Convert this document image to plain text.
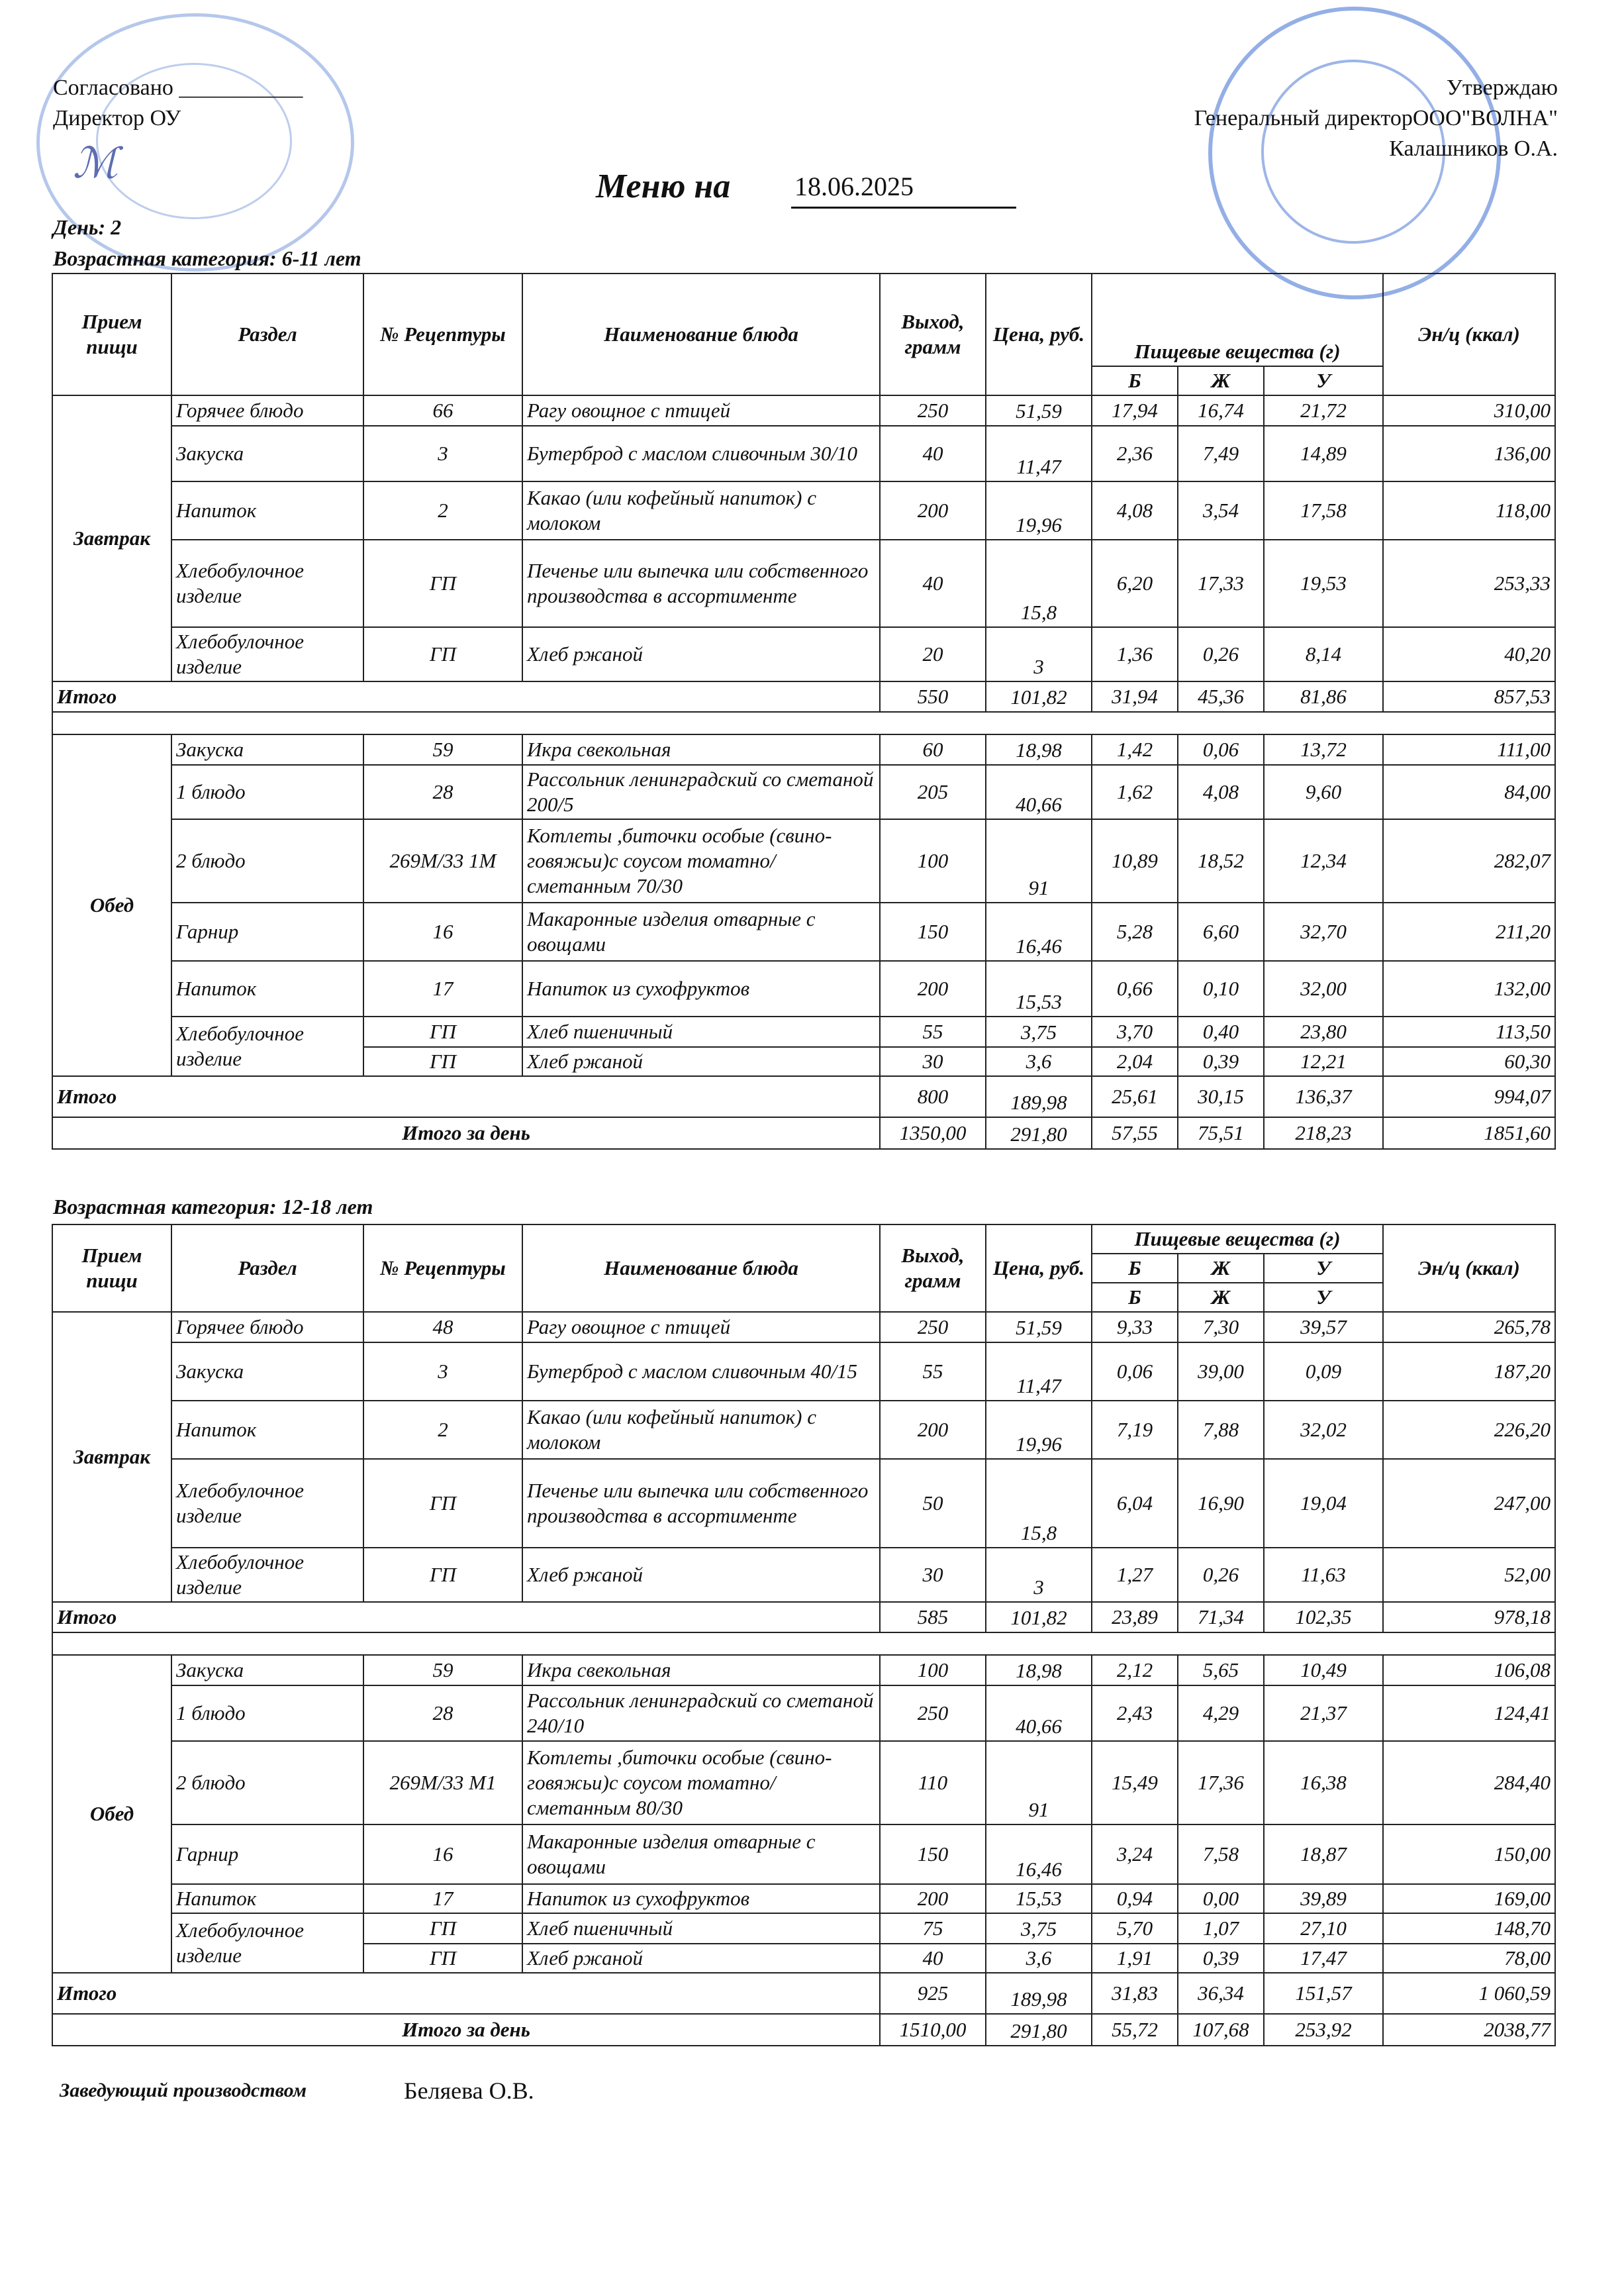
ℳ
Согласовано ___________
Директор ОУ
Утверждаю
Генеральный директорООО"ВОЛНА"
Калашников О.А.
Меню на 18.06.2025
День: 2
Возрастная категория: 6-11 лет
Прием пищи	Раздел	№ Рецептуры	Наименование блюда	Выход, грамм	Цена, руб.	Пищевые вещества (г)			Эн/ц (ккал)
						Б	Ж	У	
Завтрак	Горячее блюдо	66	Рагу овощное с птицей	250	51,59	17,94	16,74	21,72	310,00
	Закуска	3	Бутерброд с маслом сливочным 30/10	40	11,47	2,36	7,49	14,89	136,00
	Напиток	2	Какао (или кофейный напиток) с молоком	200	19,96	4,08	3,54	17,58	118,00
	Хлебобулочное изделие	ГП	Печенье или выпечка или собственного производства в ассортименте	40	15,8	6,20	17,33	19,53	253,33
	Хлебобулочное изделие	ГП	Хлеб ржаной	20	3	1,36	0,26	8,14	40,20
Итого				550	101,82	31,94	45,36	81,86	857,53

Обед	Закуска	59	Икра свекольная	60	18,98	1,42	0,06	13,72	111,00
	1 блюдо	28	Рассольник ленинградский со сметаной 200/5	205	40,66	1,62	4,08	9,60	84,00
	2 блюдо	269М/33 1М	Котлеты ,биточки особые (свино-говяжьи)с соусом томатно/сметанным 70/30	100	91	10,89	18,52	12,34	282,07
	Гарнир	16	Макаронные изделия отварные с овощами	150	16,46	5,28	6,60	32,70	211,20
	Напиток	17	Напиток из сухофруктов	200	15,53	0,66	0,10	32,00	132,00
	Хлебобулочное изделие	ГП	Хлеб пшеничный	55	3,75	3,70	0,40	23,80	113,50
		ГП	Хлеб ржаной	30	3,6	2,04	0,39	12,21	60,30
Итого				800	189,98	25,61	30,15	136,37	994,07
Итого за день				1350,00	291,80	57,55	75,51	218,23	1851,60
Возрастная категория: 12-18 лет
Прием пищи	Раздел	№ Рецептуры	Наименование блюда	Выход, грамм	Цена, руб.	Пищевые вещества (г)			Эн/ц (ккал)
						Б	Ж	У	
						Б	Ж	У	
Завтрак	Горячее блюдо	48	Рагу овощное с птицей	250	51,59	9,33	7,30	39,57	265,78
	Закуска	3	Бутерброд с маслом сливочным 40/15	55	11,47	0,06	39,00	0,09	187,20
	Напиток	2	Какао (или кофейный напиток) с молоком	200	19,96	7,19	7,88	32,02	226,20
	Хлебобулочное изделие	ГП	Печенье или выпечка или собственного производства в ассортименте	50	15,8	6,04	16,90	19,04	247,00
	Хлебобулочное изделие	ГП	Хлеб ржаной	30	3	1,27	0,26	11,63	52,00
Итого				585	101,82	23,89	71,34	102,35	978,18

Обед	Закуска	59	Икра свекольная	100	18,98	2,12	5,65	10,49	106,08
	1 блюдо	28	Рассольник ленинградский со сметаной 240/10	250	40,66	2,43	4,29	21,37	124,41
	2 блюдо	269М/33 М1	Котлеты ,биточки особые (свино-говяжьи)с соусом томатно/сметанным 80/30	110	91	15,49	17,36	16,38	284,40
	Гарнир	16	Макаронные изделия отварные с овощами	150	16,46	3,24	7,58	18,87	150,00
	Напиток	17	Напиток из сухофруктов	200	15,53	0,94	0,00	39,89	169,00
	Хлебобулочное изделие	ГП	Хлеб пшеничный	75	3,75	5,70	1,07	27,10	148,70
		ГП	Хлеб ржаной	40	3,6	1,91	0,39	17,47	78,00
Итого				925	189,98	31,83	36,34	151,57	1 060,59
Итого за день				1510,00	291,80	55,72	107,68	253,92	2038,77
Заведующий производством	Беляева О.В.
